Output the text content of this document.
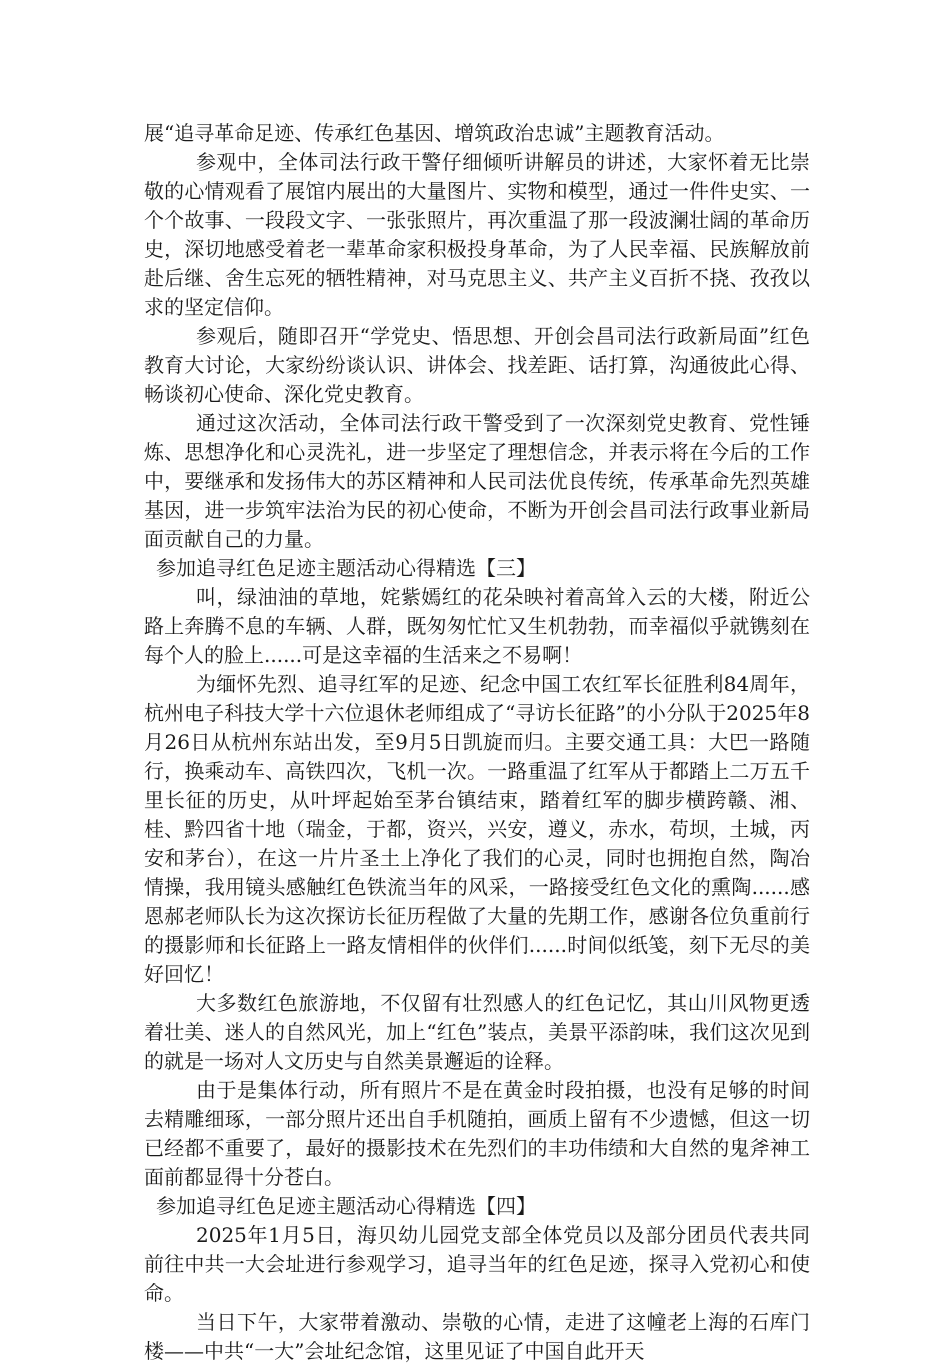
展“追寻革命足迹、传承红色基因、增筑政治忠诚”主题教育活动。

参观中，全体司法行政干警仔细倾听讲解员的讲述，大家怀着无比崇敬的心情观看了展馆内展出的大量图片、实物和模型，通过一件件史实、一个个故事、一段段文字、一张张照片，再次重温了那一段波澜壮阔的革命历史，深切地感受着老一辈革命家积极投身革命，为了人民幸福、民族解放前赴后继、舍生忘死的牺牲精神，对马克思主义、共产主义百折不挠、孜孜以求的坚定信仰。

参观后，随即召开“学党史、悟思想、开创会昌司法行政新局面”红色教育大讨论，大家纷纷谈认识、讲体会、找差距、话打算，沟通彼此心得、畅谈初心使命、深化党史教育。

通过这次活动，全体司法行政干警受到了一次深刻党史教育、党性锤炼、思想净化和心灵洗礼，进一步坚定了理想信念，并表示将在今后的工作中，要继承和发扬伟大的苏区精神和人民司法优良传统，传承革命先烈英雄基因，进一步筑牢法治为民的初心使命，不断为开创会昌司法行政事业新局面贡献自己的力量。

参加追寻红色足迹主题活动心得精选【三】

叫，绿油油的草地，姹紫嫣红的花朵映衬着高耸入云的大楼，附近公路上奔腾不息的车辆、人群，既匆匆忙忙又生机勃勃，而幸福似乎就镌刻在每个人的脸上......可是这幸福的生活来之不易啊！

为缅怀先烈、追寻红军的足迹、纪念中国工农红军长征胜利84周年，杭州电子科技大学十六位退休老师组成了“寻访长征路”的小分队于2025年8月26日从杭州东站出发，至9月5日凯旋而归。主要交通工具：大巴一路随行，换乘动车、高铁四次，飞机一次。一路重温了红军从于都踏上二万五千里长征的历史，从叶坪起始至茅台镇结束，踏着红军的脚步横跨赣、湘、桂、黔四省十地（瑞金，于都，资兴，兴安，遵义，赤水，苟坝，土城，丙安和茅台），在这一片片圣土上净化了我们的心灵，同时也拥抱自然，陶冶情操，我用镜头感触红色铁流当年的风采，一路接受红色文化的熏陶......感恩郝老师队长为这次探访长征历程做了大量的先期工作，感谢各位负重前行的摄影师和长征路上一路友情相伴的伙伴们......时间似纸笺，刻下无尽的美好回忆！

大多数红色旅游地，不仅留有壮烈感人的红色记忆，其山川风物更透着壮美、迷人的自然风光，加上“红色”装点，美景平添韵味，我们这次见到的就是一场对人文历史与自然美景邂逅的诠释。

由于是集体行动，所有照片不是在黄金时段拍摄，也没有足够的时间去精雕细琢，一部分照片还出自手机随拍，画质上留有不少遗憾，但这一切已经都不重要了，最好的摄影技术在先烈们的丰功伟绩和大自然的鬼斧神工面前都显得十分苍白。

参加追寻红色足迹主题活动心得精选【四】

2025年1月5日，海贝幼儿园党支部全体党员以及部分团员代表共同前往中共一大会址进行参观学习，追寻当年的红色足迹，探寻入党初心和使命。

当日下午，大家带着激动、崇敬的心情，走进了这幢老上海的石库门楼——中共“一大”会址纪念馆，这里见证了中国自此开天
